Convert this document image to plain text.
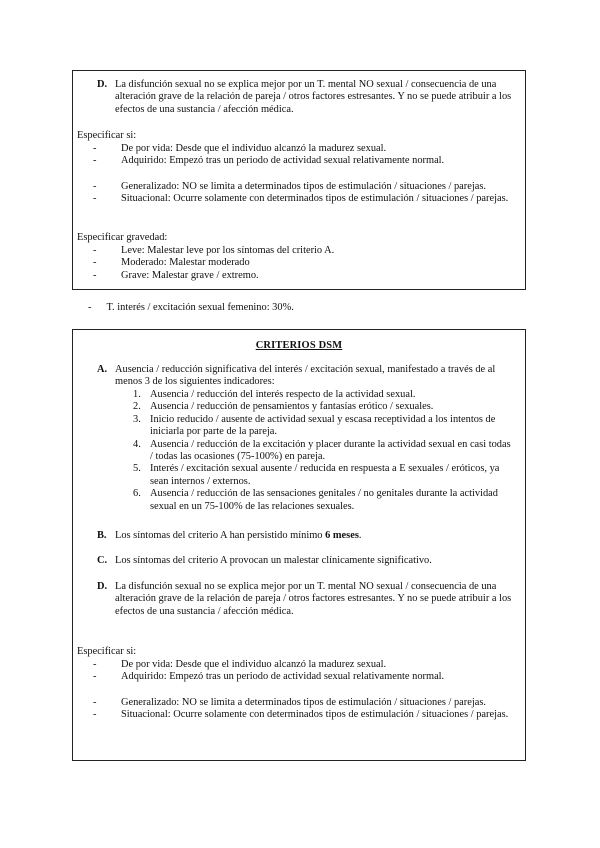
D. La disfunción sexual no se explica mejor por un T. mental NO sexual / consecuencia de una alteración grave de la relación de pareja / otros factores estresantes. Y no se puede atribuir a los efectos de una sustancia / afección médica.
Especificar si:
- De por vida: Desde que el individuo alcanzó la madurez sexual.
- Adquirido: Empezó tras un periodo de actividad sexual relativamente normal.
- Generalizado: NO se limita a determinados tipos de estimulación / situaciones / parejas.
- Situacional: Ocurre solamente con determinados tipos de estimulación / situaciones / parejas.
Especificar gravedad:
- Leve: Malestar leve por los síntomas del criterio A.
- Moderado: Malestar moderado
- Grave: Malestar grave / extremo.
- T. interés / excitación sexual femenino: 30%.
CRITERIOS DSM
A. Ausencia / reducción significativa del interés / excitación sexual, manifestado a través de al menos 3 de los siguientes indicadores:
1. Ausencia / reducción del interés respecto de la actividad sexual.
2. Ausencia / reducción de pensamientos y fantasías erótico / sexuales.
3. Inicio reducido / ausente de actividad sexual y escasa receptividad a los intentos de iniciarla por parte de la pareja.
4. Ausencia / reducción de la excitación y placer durante la actividad sexual en casi todas / todas las ocasiones (75-100%) en pareja.
5. Interés / excitación sexual ausente / reducida en respuesta a E sexuales / eróticos, ya sean internos / externos.
6. Ausencia / reducción de las sensaciones genitales / no genitales durante la actividad sexual en un 75-100% de las relaciones sexuales.
B. Los síntomas del criterio A han persistido mínimo 6 meses.
C. Los síntomas del criterio A provocan un malestar clínicamente significativo.
D. La disfunción sexual no se explica mejor por un T. mental NO sexual / consecuencia de una alteración grave de la relación de pareja / otros factores estresantes. Y no se puede atribuir a los efectos de una sustancia / afección médica.
Especificar si:
- De por vida: Desde que el individuo alcanzó la madurez sexual.
- Adquirido: Empezó tras un periodo de actividad sexual relativamente normal.
- Generalizado: NO se limita a determinados tipos de estimulación / situaciones / parejas.
- Situacional: Ocurre solamente con determinados tipos de estimulación / situaciones / parejas.
